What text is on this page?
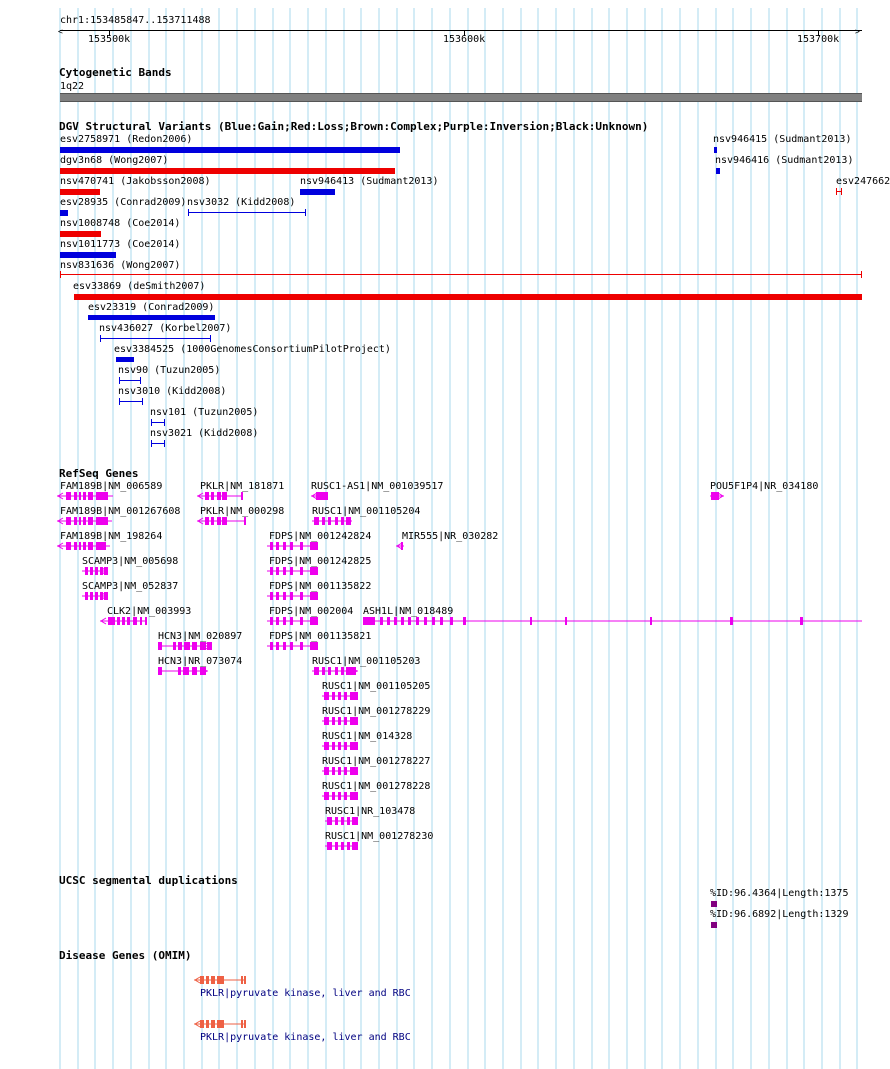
chr1:153485847..153711488
<	>
153500k	153600k	153700k
Cytogenetic Bands
1q22
DGV Structural Variants (Blue:Gain;Red:Loss;Brown:Complex;Purple:Inversion;Black:Unknown)
esv2758971 (Redon2006)
dgv3n68 (Wong2007)
nsv470741 (Jakobsson2008)	nsv946413 (Sudmant2013)
esv28935 (Conrad2009) nsv3032 (Kidd2008)
nsv1008748 (Coe2014)
nsv1011773 (Coe2014)
nsv831636 (Wong2007)
esv33869 (deSmith2007)
esv23319 (Conrad2009)
nsv436027 (Korbel2007)
esv3384525 (1000GenomesConsortiumPilotProject)
nsv90 (Tuzun2005)
nsv3010 (Kidd2008)
nsv101 (Tuzun2005)
nsv3021 (Kidd2008)
nsv946415 (Sudmant2013)
nsv946416 (Sudmant2013)
esv247662
RefSeq Genes
FAM189B|NM_006589
FAM189B|NM_001267608
FAM189B|NM_198264
SCAMP3|NM_005698
SCAMP3|NM_052837
CLK2|NM_003993
HCN3|NM_020897
HCN3|NR_073074
PKLR|NM_181871
PKLR|NM_000298
RUSC1-AS1|NM_001039517
RUSC1|NM_001105204
FDPS|NM_001242824	MIR555|NR_030282
FDPS|NM_001242825
FDPS|NM_001135822
FDPS|NM_002004 ASH1L|NM_018489
FDPS|NM_001135821
RUSC1|NM_001105203
RUSC1|NM_001105205
RUSC1|NM_001278229
RUSC1|NM_014328
RUSC1|NM_001278227
RUSC1|NM_001278228
RUSC1|NR_103478
RUSC1|NM_001278230
POU5F1P4|NR_034180
UCSC segmental duplications
%ID:96.4364|Length:1375
%ID:96.6892|Length:1329
Disease Genes (OMIM)
PKLR|pyruvate kinase, liver and RBC
PKLR|pyruvate kinase, liver and RBC
